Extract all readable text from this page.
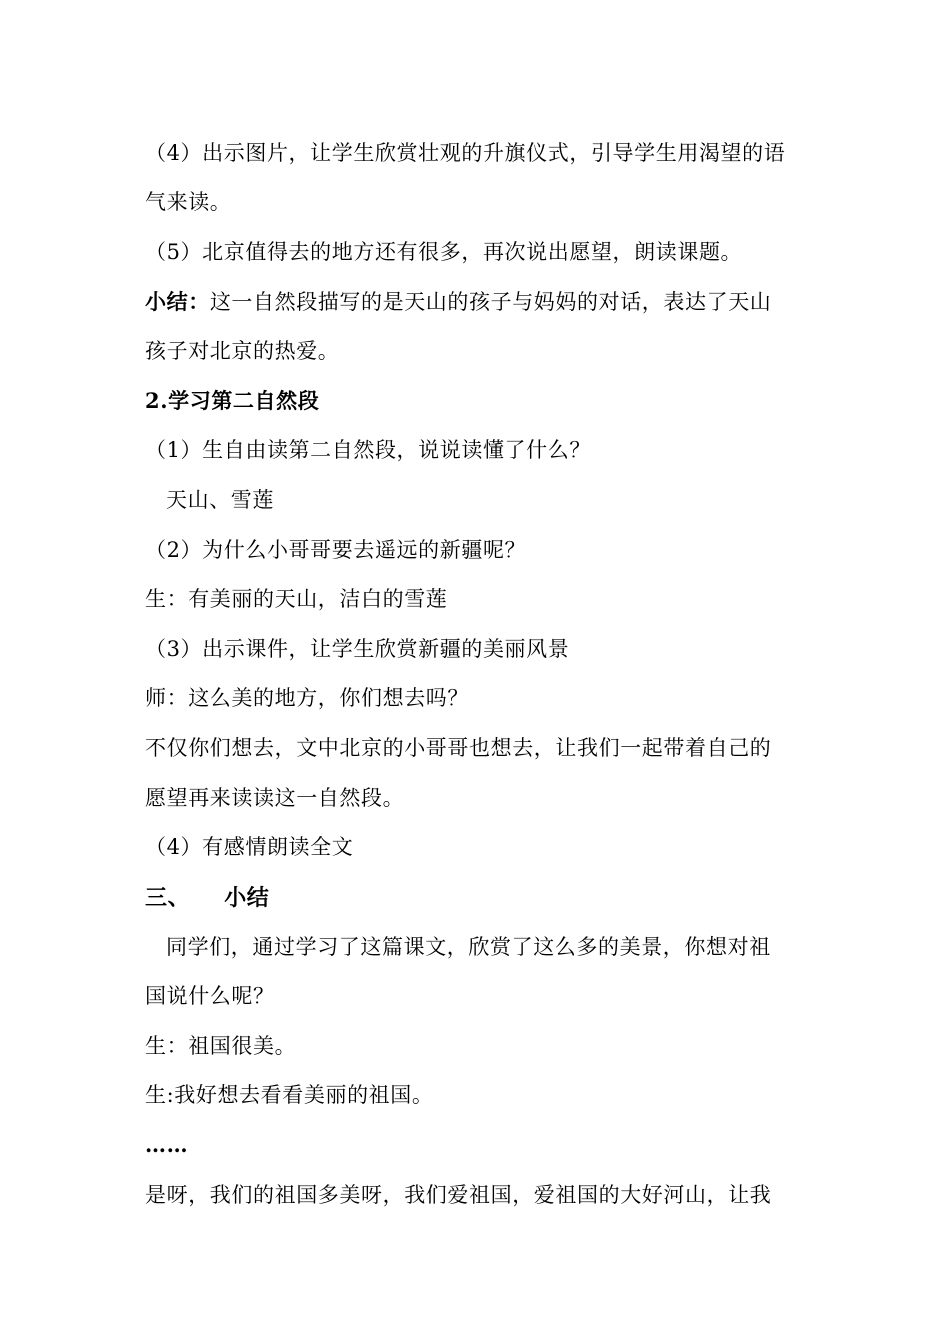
（4）出示图片，让学生欣赏壮观的升旗仪式，引导学生用渴望的语
气来读。
（5）北京值得去的地方还有很多，再次说出愿望，朗读课题。
小结：这一自然段描写的是天山的孩子与妈妈的对话，表达了天山
孩子对北京的热爱。
2.学习第二自然段
（1）生自由读第二自然段，说说读懂了什么？
天山、雪莲
（2）为什么小哥哥要去遥远的新疆呢？
生：有美丽的天山，洁白的雪莲
（3）出示课件，让学生欣赏新疆的美丽风景
师：这么美的地方，你们想去吗？
不仅你们想去，文中北京的小哥哥也想去，让我们一起带着自己的
愿望再来读读这一自然段。
（4）有感情朗读全文
三、 小结
同学们，通过学习了这篇课文，欣赏了这么多的美景，你想对祖
国说什么呢？
生：祖国很美。
生:我好想去看看美丽的祖国。
……
是呀，我们的祖国多美呀，我们爱祖国，爱祖国的大好河山，让我
